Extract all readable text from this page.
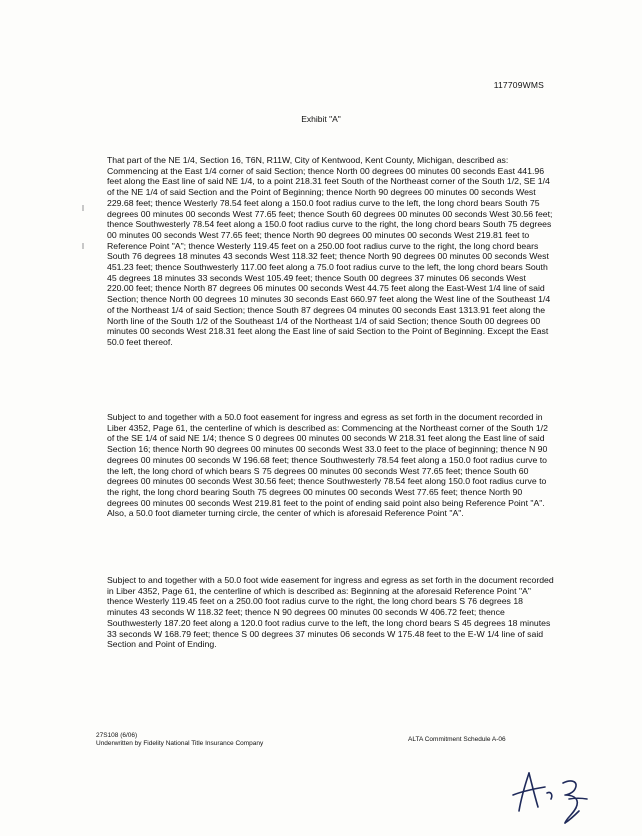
117709WMS
Exhibit "A"

That part of the NE 1/4, Section 16, T6N, R11W, City of Kentwood, Kent County, Michigan, described as: Commencing at the East 1/4 corner of said Section; thence North 00 degrees 00 minutes 00 seconds East 441.96 feet along the East line of said NE 1/4, to a point 218.31 feet South of the Northeast corner of the South 1/2, SE 1/4 of the NE 1/4 of said Section and the Point of Beginning; thence North 90 degrees 00 minutes 00 seconds West 229.68 feet; thence Westerly 78.54 feet along a 150.0 foot radius curve to the left, the long chord bears South 75 degrees 00 minutes 00 seconds West 77.65 feet; thence South 60 degrees 00 minutes 00 seconds West 30.56 feet; thence Southwesterly 78.54 feet along a 150.0 foot radius curve to the right, the long chord bears South 75 degrees 00 minutes 00 seconds West 77.65 feet; thence North 90 degrees 00 minutes 00 seconds West 219.81 feet to Reference Point "A"; thence Westerly 119.45 feet on a 250.00 foot radius curve to the right, the long chord bears South 76 degrees 18 minutes 43 seconds West 118.32 feet; thence North 90 degrees 00 minutes 00 seconds West 451.23 feet; thence Southwesterly 117.00 feet along a 75.0 foot radius curve to the left, the long chord bears South 45 degrees 18 minutes 33 seconds West 105.49 feet; thence South 00 degrees 37 minutes 06 seconds West 220.00 feet; thence North 87 degrees 06 minutes 00 seconds West 44.75 feet along the East-West 1/4 line of said Section; thence North 00 degrees 10 minutes 30 seconds East 660.97 feet along the West line of the Southeast 1/4 of the Northeast 1/4 of said Section; thence South 87 degrees 04 minutes 00 seconds East 1313.91 feet along the North line of the South 1/2 of the Southeast 1/4 of the Northeast 1/4 of said Section; thence South 00 degrees 00 minutes 00 seconds West 218.31 feet along the East line of said Section to the Point of Beginning. Except the East 50.0 feet thereof.

Subject to and together with a 50.0 foot easement for ingress and egress as set forth in the document recorded in Liber 4352, Page 61, the centerline of which is described as: Commencing at the Northeast corner of the South 1/2 of the SE 1/4 of said NE 1/4; thence S 0 degrees 00 minutes 00 seconds W 218.31 feet along the East line of said Section 16; thence North 90 degrees 00 minutes 00 seconds West 33.0 feet to the place of beginning; thence N 90 degrees 00 minutes 00 seconds W 196.68 feet; thence Southwesterly 78.54 feet along a 150.0 foot radius curve to the left, the long chord of which bears S 75 degrees 00 minutes 00 seconds West 77.65 feet; thence South 60 degrees 00 minutes 00 seconds West 30.56 feet; thence Southwesterly 78.54 feet along 150.0 foot radius curve to the right, the long chord bearing South 75 degrees 00 minutes 00 seconds West 77.65 feet; thence North 90 degrees 00 minutes 00 seconds West 219.81 feet to the point of ending said point also being Reference Point "A". Also, a 50.0 foot diameter turning circle, the center of which is aforesaid Reference Point "A".

Subject to and together with a 50.0 foot wide easement for ingress and egress as set forth in the document recorded in Liber 4352, Page 61, the centerline of which is described as: Beginning at the aforesaid Reference Point "A" thence Westerly 119.45 feet on a 250.00 foot radius curve to the right, the long chord bears S 76 degrees 18 minutes 43 seconds W 118.32 feet; thence N 90 degrees 00 minutes 00 seconds W 406.72 feet; thence Southwesterly 187.20 feet along a 120.0 foot radius curve to the left, the long chord bears S 45 degrees 18 minutes 33 seconds W 168.79 feet; thence S 00 degrees 37 minutes 06 seconds W 175.48 feet to the E-W 1/4 line of said Section and Point of Ending.

27S108 (6/06)
Underwritten by Fidelity National Title Insurance Company
ALTA Commitment Schedule A-06
